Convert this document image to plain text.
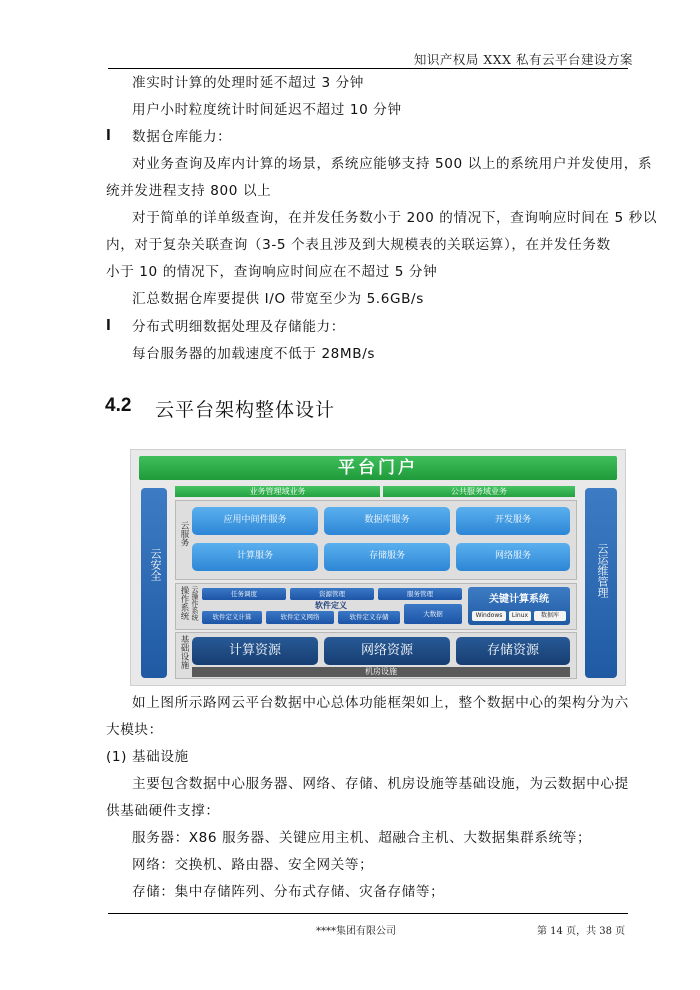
知识产权局 XXX 私有云平台建设方案
准实时计算的处理时延不超过 3 分钟
用户小时粒度统计时间延迟不超过 10 分钟
l 数据仓库能力：
对业务查询及库内计算的场景，系统应能够支持 500 以上的系统用户并发使用，系
统并发进程支持 800 以上
对于简单的详单级查询，在并发任务数小于 200 的情况下，查询响应时间在 5 秒以
内，对于复杂关联查询（3-5 个表且涉及到大规模表的关联运算），在并发任务数
小于 10 的情况下，查询响应时间应在不超过 5 分钟
汇总数据仓库要提供 I/O 带宽至少为 5.6GB/s
l 分布式明细数据处理及存储能力：
每台服务器的加载速度不低于 28MB/s
4.2 云平台架构整体设计
平台门户
业务管理域业务	公共服务域业务
云安全	云运维管理
云服务
应用中间件服务	数据库服务	开发服务
计算服务	存储服务	网络服务
操作系统 云操作系统	任务调度	资源管理	服务管理
软件定义
软件定义计算	软件定义网络	软件定义存储	大数据
关键计算系统
Windows	Linux	数据库
基础设施	计算资源	网络资源	存储资源
机房设施
如上图所示路网云平台数据中心总体功能框架如上，整个数据中心的架构分为六
大模块：
(1) 基础设施
主要包含数据中心服务器、网络、存储、机房设施等基础设施，为云数据中心提
供基础硬件支撑：
服务器：X86 服务器、关键应用主机、超融合主机、大数据集群系统等；
网络：交换机、路由器、安全网关等；
存储：集中存储阵列、分布式存储、灾备存储等；
****集团有限公司	第 14 页，共 38 页
